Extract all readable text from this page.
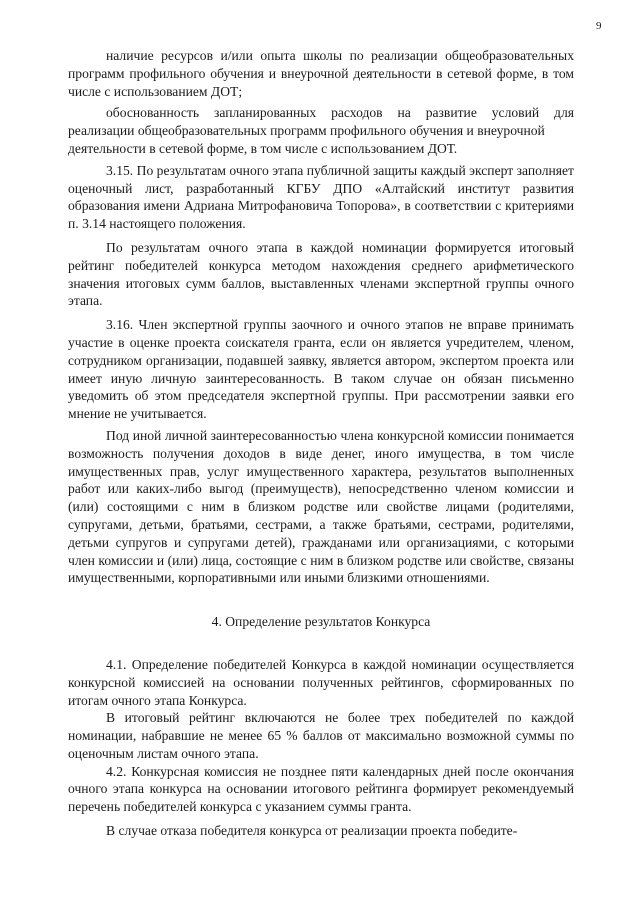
9

наличие ресурсов и/или опыта школы по реализации общеобразовательных программ профильного обучения и внеурочной деятельности в сетевой форме, в том числе с использованием ДОТ;

обоснованность запланированных расходов на развитие условий для реализации общеобразовательных программ профильного обучения и внеурочной

деятельности в сетевой форме, в том числе с использованием ДОТ.

3.15. По результатам очного этапа публичной защиты каждый эксперт заполняет оценочный лист, разработанный КГБУ ДПО «Алтайский институт развития образования имени Адриана Митрофановича Топорова», в соответствии с критериями п. 3.14 настоящего положения.

По результатам очного этапа в каждой номинации формируется итоговый рейтинг победителей конкурса методом нахождения среднего арифметического значения итоговых сумм баллов, выставленных членами экспертной группы очного этапа.

3.16. Член экспертной группы заочного и очного этапов не вправе принимать участие в оценке проекта соискателя гранта, если он является учредителем, членом, сотрудником организации, подавшей заявку, является автором, экспертом проекта или имеет иную личную заинтересованность. В таком случае он обязан письменно уведомить об этом председателя экспертной группы. При рассмотрении заявки его мнение не учитывается.

Под иной личной заинтересованностью члена конкурсной комиссии понимается возможность получения доходов в виде денег, иного имущества, в том числе имущественных прав, услуг имущественного характера, результатов выполненных работ или каких-либо выгод (преимуществ), непосредственно членом комиссии и (или) состоящими с ним в близком родстве или свойстве лицами (родителями, супругами, детьми, братьями, сестрами, а также братьями, сестрами, родителями, детьми супругов и супругами детей), гражданами или организациями, с которыми член комиссии и (или) лица, состоящие с ним в близком родстве или свойстве, связаны имущественными, корпоративными или иными близкими отношениями.

4. Определение результатов Конкурса

4.1. Определение победителей Конкурса в каждой номинации осуществляется конкурсной комиссией на основании полученных рейтингов, сформированных по итогам очного этапа Конкурса.

В итоговый рейтинг включаются не более трех победителей по каждой номинации, набравшие не менее 65 % баллов от максимально возможной суммы по оценочным листам очного этапа.

4.2. Конкурсная комиссия не позднее пяти календарных дней после окончания очного этапа конкурса на основании итогового рейтинга формирует рекомендуемый перечень победителей конкурса с указанием суммы гранта.

В случае отказа победителя конкурса от реализации проекта победите-
